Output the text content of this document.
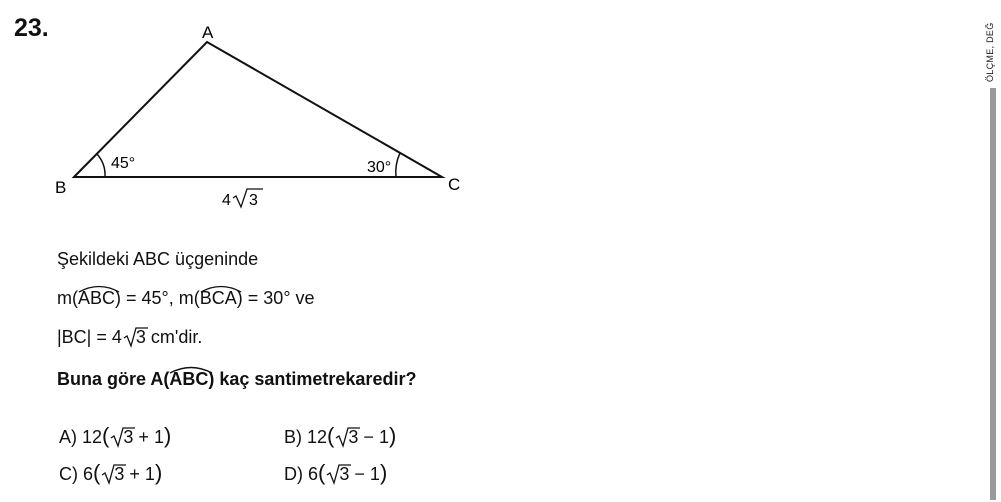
23.	ÖLÇME, DEĞ
A
B	C
45°	30°
4 3
Şekildeki ABC üçgeninde
m(
ABC) = 45°, m(
BCA) = 30° ve
|BC| = 4 3 cm'dir.
Buna göre A(
ABC) kaç santimetrekaredir?
A) 12( 3 + 1)	B) 12( 3 − 1)
C) 6( 3 + 1)	D) 6( 3 − 1)
